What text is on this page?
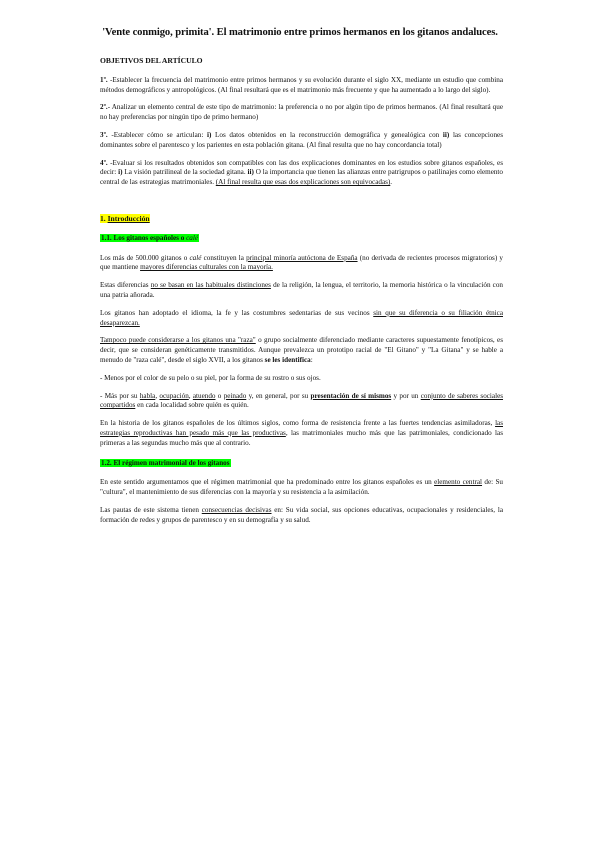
'Vente conmigo, primita'. El matrimonio entre primos hermanos en los gitanos andaluces.

OBJETIVOS DEL ARTÍCULO

1º. -Establecer la frecuencia del matrimonio entre primos hermanos y su evolución durante el siglo XX, mediante un estudio que combina métodos demográficos y antropológicos. (Al final resultará que es el matrimonio más frecuente y que ha aumentado a lo largo del siglo).

2º.- Analizar un elemento central de este tipo de matrimonio: la preferencia o no por algún tipo de primos hermanos. (Al final resultará que no hay preferencias por ningún tipo de primo hermano)

3º. -Establecer cómo se articulan: i) Los datos obtenidos en la reconstrucción demográfica y genealógica con ii) las concepciones dominantes sobre el parentesco y los parientes en esta población gitana. (Al final resulta que no hay concordancia total)

4º. -Evaluar si los resultados obtenidos son compatibles con las dos explicaciones dominantes en los estudios sobre gitanos españoles, es decir: i) La visión patrilineal de la sociedad gitana. ii) O la importancia que tienen las alianzas entre patrigrupos o patilinajes como elemento central de las estrategias matrimoniales. (Al final resulta que esas dos explicaciones son equivocadas).

1. Introducción

1.1. Los gitanos españoles o calé

Los más de 500.000 gitanos o calé constituyen la principal minoría autóctona de España (no derivada de recientes procesos migratorios) y que mantiene mayores diferencias culturales con la mayoría.

Estas diferencias no se basan en las habituales distinciones de la religión, la lengua, el territorio, la memoria histórica o la vinculación con una patria añorada.

Los gitanos han adoptado el idioma, la fe y las costumbres sedentarias de sus vecinos sin que su diferencia o su filiación étnica desaparezcan.

Tampoco puede considerarse a los gitanos una "raza" o grupo socialmente diferenciado mediante caracteres supuestamente fenotípicos, es decir, que se consideran genéticamente transmitidos. Aunque prevalezca un prototipo racial de "El Gitano" y "La Gitana" y se hable a menudo de "raza calé", desde el siglo XVII, a los gitanos se les identifica:

- Menos por el color de su pelo o su piel, por la forma de su rostro o sus ojos.

- Más por su habla, ocupación, atuendo o peinado y, en general, por su presentación de sí mismos y por un conjunto de saberes sociales compartidos en cada localidad sobre quién es quién.

En la historia de los gitanos españoles de los últimos siglos, como forma de resistencia frente a las fuertes tendencias asimiladoras, las estrategias reproductivas han pesado más que las productivas, las matrimoniales mucho más que las patrimoniales, condicionado las primeras a las segundas mucho más que al contrario.

1.2. El régimen matrimonial de los gitanos

En este sentido argumentamos que el régimen matrimonial que ha predominado entre los gitanos españoles es un elemento central de: Su "cultura", el mantenimiento de sus diferencias con la mayoría y su resistencia a la asimilación.

Las pautas de este sistema tienen consecuencias decisivas en: Su vida social, sus opciones educativas, ocupacionales y residenciales, la formación de redes y grupos de parentesco y en su demografía y su salud.
